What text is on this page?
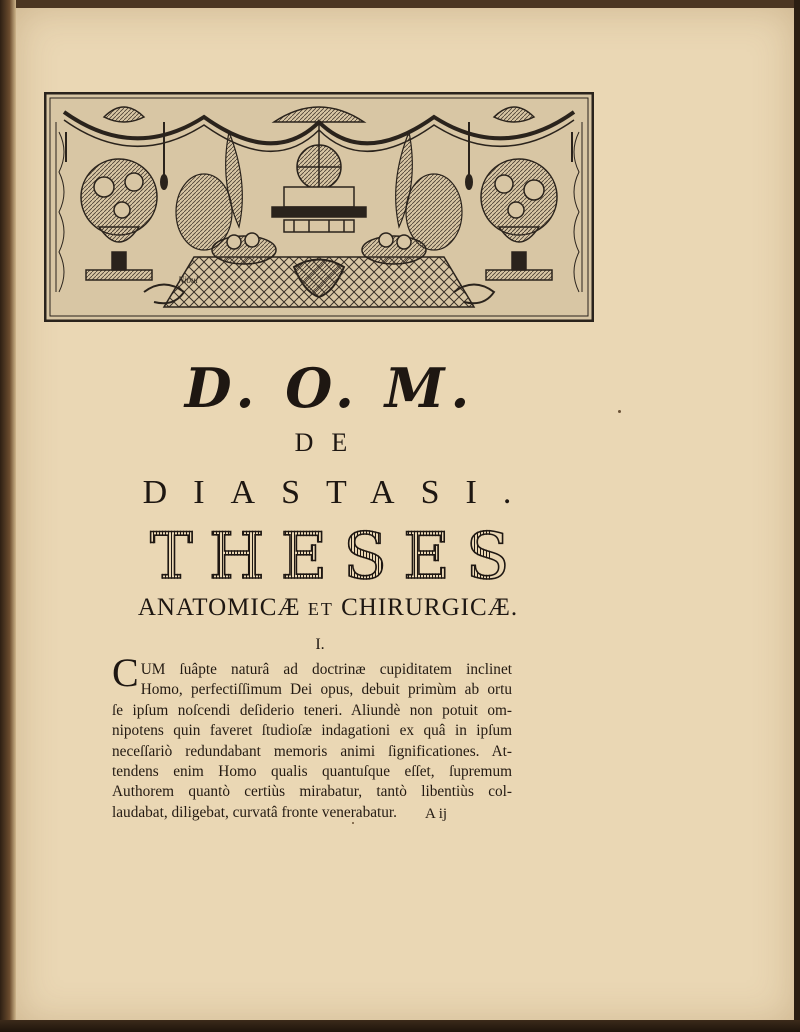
Nioul
D. O. M.
DE
DIASTASI.
THESES
ANATOMICÆ ET CHIRURGICÆ.
I.
C UM ſuâpte naturâ ad doctrinæ cupiditatem inclinet
Homo, perfectiſſimum Dei opus, debuit primùm ab ortu
ſe ipſum noſcendi deſiderio teneri. Aliundè non potuit om-
nipotens quin faveret ſtudioſæ indagationi ex quâ in ipſum
neceſſariò redundabant memoris animi ſignificationes. At-
tendens enim Homo qualis quantuſque eſſet, ſupremum
Authorem quantò certiùs mirabatur, tantò libentiùs col-
laudabat, diligebat, curvatâ fronte venerabatur.	A ij
